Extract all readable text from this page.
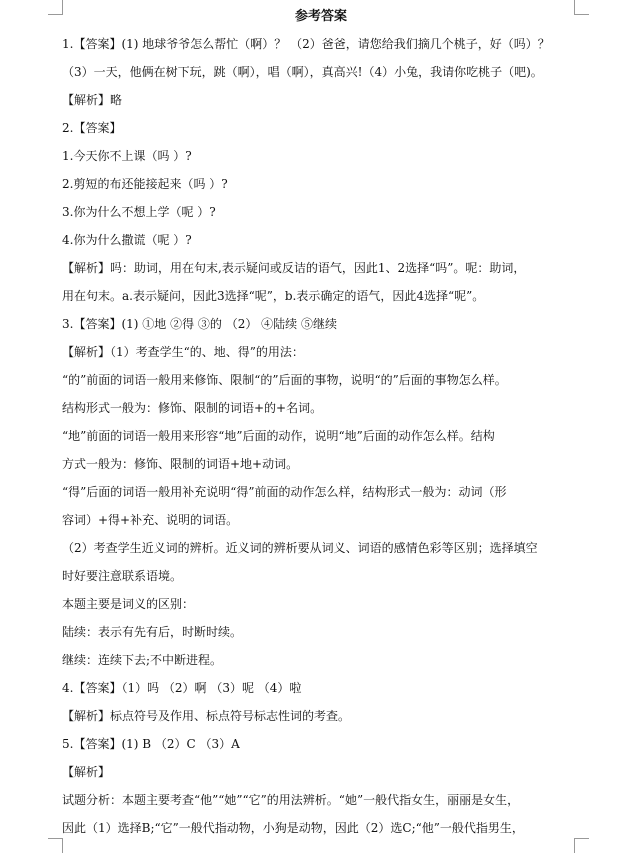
参考答案
1.【答案】(1) 地球爷爷怎么帮忙（啊）？ （2）爸爸，请您给我们摘几个桃子，好（吗）？
（3）一天，他俩在树下玩，跳（啊），唱（啊），真高兴!（4）小兔，我请你吃桃子（吧)。
【解析】略
2.【答案】
1.今天你不上课（吗 ）?
2.剪短的布还能接起来（吗 ）?
3.你为什么不想上学（呢 ）?
4.你为什么撒谎（呢 ）?
【解析】吗：助词，用在句末,表示疑问或反诘的语气，因此1、2选择“吗”。呢：助词，
用在句末。a.表示疑问，因此3选择“呢”，b.表示确定的语气，因此4选择“呢”。
3.【答案】(1) ①地 ②得 ③的 （2） ④陆续 ⑤继续
【解析】（1）考查学生“的、地、得”的用法：
“的”前面的词语一般用来修饰、限制“的”后面的事物，说明“的”后面的事物怎么样。
结构形式一般为：修饰、限制的词语+的+名词。
“地”前面的词语一般用来形容“地”后面的动作，说明“地”后面的动作怎么样。结构
方式一般为：修饰、限制的词语+地+动词。
“得”后面的词语一般用补充说明“得”前面的动作怎么样，结构形式一般为：动词（形
容词）+得+补充、说明的词语。
（2）考查学生近义词的辨析。近义词的辨析要从词义、词语的感情色彩等区别；选择填空
时好要注意联系语境。
本题主要是词义的区别：
陆续：表示有先有后，时断时续。
继续：连续下去;不中断进程。
4.【答案】（1）吗 （2）啊 （3）呢 （4）啦
【解析】标点符号及作用、标点符号标志性词的考查。
5.【答案】(1) B （2）C （3）A
【解析】
试题分析：本题主要考查“他”“她”“它”的用法辨析。“她”一般代指女生，丽丽是女生，
因此（1）选择B;“它”一般代指动物，小狗是动物，因此（2）选C;“他”一般代指男生，
